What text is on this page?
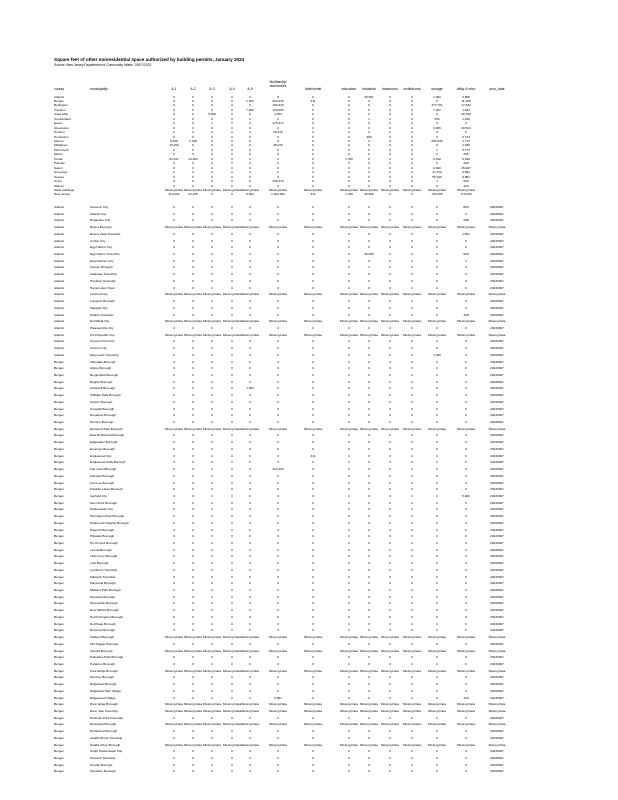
Square feet of other nonresidential space authorized by building permits, January 2023
Source: New Jersey Department of Community Affairs, 03/07/2023
county	municipality	A-1	A-2	A-3	A-4	A-5
Multifamily/
dormitories
hotel/motel	education	industrial	hazardous	institutional	storage	utility & misc	proc_date
Atlantic	0	0	0	0	0	0	0	0	30,501	0	0	1,300	3,888
Bergen	0	0	0	0	1,303	322,619	311	0	0	0	0	0	11,108
Burlington	0	0	0	0	0	159,343	0	0	0	0	0	373,701	17,640
Camden	0	0	0	0	7,000	154,665	0	0	0	0	0	7,201	1,633
Cape May	0	0	5,300	0	0	4,253	0	0	0	0	0	0	28,798
Cumberland	0	0	0	0	0	0	0	0	1	0	0	336	1,440
Essex	0	0	1	0	0	475,373	0	0	0	0	0	0	0
Gloucester	0	0	0	0	0	0	0	0	0	0	0	3,486	40,524
Hudson	0	0	0	0	0	68,479	0	0	0	0	0	0	0
Hunterdon	0	0	0	0	0	0	0	0	480	0	0	0	3,743
Mercer	8,618	2,448	0	0	0	0	0	0	0	0	0	281,846	1,776
Middlesex	10,159	0	0	0	0	38,015	0	0	0	0	0	0	2,486
Monmouth	0	0	0	0	0	0	0	0	0	0	0	1	5,774
Morris	0	0	0	0	0	0	0	0	0	0	0	0	256
Ocean	94,347	14,484	0	0	0	0	0	1,780	0	0	0	6,618	8,639
Passaic	0	0	0	0	0	0	0	0	0	0	0	0	200
Salem	0	0	0	0	0	0	0	0	0	0	0	2,490	25,207
Somerset	0	0	0	0	0	0	0	0	0	0	0	37,970	3,691
Sussex	0	0	0	0	0	0	0	0	0	0	0	55,330	8,881
Union	0	0	0	0	0	150,479	0	0	0	0	0	1	930
Warren	0	0	0	0	0	0	0	0	0	0	0	0	120
State buildings	Missing Data Missing Data Missing Data Missing Data Missing Data	Missing Data	Missing Data	Missing Data Missing Data	Missing Data	Missing Data	Missing Data	Missing Data
New Jersey	113,002	22,245	0	0	8,303	1,364,093	311	1,780	30,659	0	0	750,185	179,590
Atlantic	Absecon City	0	0	0	0	0	0	0	0	0	0	0	0	800	20230307
Atlantic	Atlantic City	0	0	0	0	0	0	0	0	0	0	0	0	0	20230307
Atlantic	Brigantine City	0	0	0	0	0	0	0	0	0	0	0	0	288	20230307
Atlantic	Buena Borough	Missing Data Missing Data Missing Data Missing Data Missing Data	Missing Data	Missing Data	Missing Data Missing Data	Missing Data	Missing Data	Missing Data	Missing Data	Missing Data
Atlantic	Buena Vista Township	0	0	0	0	0	0	0	0	0	0	0	0	1,601	20230307
Atlantic	Corbin City	0	0	0	0	0	0	0	0	0	0	0	0	0	20230307
Atlantic	Egg Harbor City	0	0	0	0	0	0	0	0	0	0	0	0	0	20230307
Atlantic	Egg Harbor Township	0	0	0	0	0	0	0	0	30,000	0	0	0	620	20230307
Atlantic	Estell Manor City	0	0	0	0	0	0	0	0	0	0	0	0	1	20230307
Atlantic	Folsom Borough	0	0	0	0	0	0	0	0	1	0	0	0	0	20230307
Atlantic	Galloway Township	0	0	0	0	0	0	0	0	0	0	0	0	0	20230307
Atlantic	Hamilton Township	0	0	0	0	0	0	0	0	0	0	0	0	0	20230307
Atlantic	Hammonton Town	0	0	0	0	0	0	0	0	0	0	0	0	0	20230307
Atlantic	Linwood City	Missing Data Missing Data Missing Data Missing Data Missing Data	Missing Data	Missing Data	Missing Data Missing Data	Missing Data	Missing Data	Missing Data	Missing Data	Missing Data
Atlantic	Longport Borough	0	0	0	0	0	0	0	0	0	0	0	0	0	20230307
Atlantic	Margate City	0	0	0	0	0	0	0	0	0	0	0	0	0	20230307
Atlantic	Mullica Township	0	0	0	0	0	0	0	0	0	0	0	0	398	20230307
Atlantic	Northfield City	Missing Data Missing Data Missing Data Missing Data Missing Data	Missing Data	Missing Data	Missing Data Missing Data	Missing Data	Missing Data	Missing Data	Missing Data	Missing Data
Atlantic	Pleasantville City	0	0	0	0	0	0	0	0	0	0	0	0	0	20230307
Atlantic	Port Republic City	Missing Data Missing Data Missing Data Missing Data Missing Data	Missing Data	Missing Data	Missing Data Missing Data	Missing Data	Missing Data	Missing Data	Missing Data	Missing Data
Atlantic	Somers Point City	0	0	0	0	0	0	0	0	0	0	0	0	0	20230307
Atlantic	Ventnor City	0	0	0	0	0	0	0	0	0	0	0	0	0	20230307
Atlantic	Weymouth Township	0	0	0	0	0	0	0	0	0	0	0	1,300	0	20230307
Bergen	Allendale Borough	0	0	0	0	0	0	0	0	0	0	0	0	0	20230307
Bergen	Alpine Borough	0	0	0	0	0	0	0	0	0	0	0	0	0	20230307
Bergen	Bergenfield Borough	0	0	0	0	0	0	0	0	0	0	0	0	0	20230307
Bergen	Bogota Borough	0	0	0	0	0	0	0	0	0	0	0	0	0	20230307
Bergen	Carlstadt Borough	0	0	0	0	1,303	0	0	0	0	0	0	0	0	20230307
Bergen	Cliffside Park Borough	0	0	0	0	0	0	0	0	0	0	0	0	0	20230307
Bergen	Closter Borough	0	0	0	0	0	0	0	0	0	0	0	0	0	20230307
Bergen	Cresskill Borough	0	0	0	0	0	0	0	0	0	0	0	0	0	20230307
Bergen	Demarest Borough	0	0	0	0	0	0	0	0	0	0	0	0	0	20230307
Bergen	Dumont Borough	0	0	0	0	0	0	0	0	0	0	0	0	0	20230307
Bergen	Elmwood Park Borough	Missing Data Missing Data Missing Data Missing Data Missing Data	Missing Data	Missing Data	Missing Data Missing Data	Missing Data	Missing Data	Missing Data	Missing Data	Missing Data
Bergen	East Rutherford Borough	0	0	0	0	0	0	0	0	0	0	0	0	0	20230307
Bergen	Edgewater Borough	0	0	0	0	0	0	0	0	0	0	0	0	0	20230307
Bergen	Emerson Borough	0	0	0	0	0	0	0	0	0	0	0	0	0	20230307
Bergen	Englewood City	0	0	0	0	0	0	311	0	0	0	0	0	0	20230307
Bergen	Englewood Cliffs Borough	0	0	0	0	0	0	0	0	0	0	0	0	0	20230307
Bergen	Fair Lawn Borough	0	0	0	0	0	313,463	0	0	0	0	0	0	0	20230307
Bergen	Fairview Borough	0	0	0	0	0	0	0	0	0	0	0	0	0	20230307
Bergen	Fort Lee Borough	0	0	0	0	0	0	0	0	0	0	0	0	0	20230307
Bergen	Franklin Lakes Borough	0	0	0	0	0	0	0	0	0	0	0	0	0	20230307
Bergen	Garfield City	0	0	0	0	0	0	0	0	0	0	0	0	5,000	20230307
Bergen	Glen Rock Borough	0	0	0	0	0	0	0	0	0	0	0	0	0	20230307
Bergen	Hackensack City	0	0	0	0	0	0	0	0	0	0	0	0	0	20230307
Bergen	Harrington Park Borough	0	0	0	0	0	0	0	0	0	0	0	0	0	20230307
Bergen	Hasbrouck Heights Borough	0	0	0	0	0	0	0	0	0	0	0	0	0	20230307
Bergen	Haworth Borough	0	0	0	0	0	0	0	0	0	0	0	0	0	20230307
Bergen	Hillsdale Borough	0	0	0	0	0	0	0	0	0	0	0	0	0	20230307
Bergen	Ho-Ho-Kus Borough	0	0	0	0	0	0	0	0	0	0	0	0	0	20230307
Bergen	Leonia Borough	0	0	0	0	0	0	0	0	0	0	0	0	0	20230307
Bergen	Little Ferry Borough	0	0	0	0	0	0	0	0	0	0	0	0	0	20230307
Bergen	Lodi Borough	0	0	0	0	0	0	0	0	0	0	0	0	0	20230307
Bergen	Lyndhurst Township	0	0	0	0	0	0	0	0	0	0	0	0	0	20230307
Bergen	Mahwah Township	0	0	0	0	0	0	0	0	0	0	0	0	0	20230307
Bergen	Maywood Borough	0	0	0	0	0	0	0	0	0	0	0	0	0	20230307
Bergen	Midland Park Borough	0	0	0	0	0	0	0	0	0	0	0	0	0	20230307
Bergen	Montvale Borough	0	0	0	0	0	0	0	0	0	0	0	0	0	20230307
Bergen	Moonachie Borough	0	0	0	0	0	0	0	0	0	0	0	0	0	20230307
Bergen	New Milford Borough	0	0	0	0	0	0	0	0	0	0	0	0	0	20230307
Bergen	North Arlington Borough	0	0	0	0	0	0	0	0	0	0	0	0	0	20230307
Bergen	Northvale Borough	0	0	0	0	0	0	0	0	0	0	0	0	0	20230307
Bergen	Norwood Borough	0	0	0	0	0	0	0	0	0	0	0	0	0	20230307
Bergen	Oakland Borough	Missing Data Missing Data Missing Data Missing Data Missing Data	Missing Data	Missing Data	Missing Data Missing Data	Missing Data	Missing Data	Missing Data	Missing Data	Missing Data
Bergen	Old Tappan Borough	0	0	0	0	0	0	0	0	0	0	0	0	0	20230307
Bergen	Oradell Borough	Missing Data Missing Data Missing Data Missing Data Missing Data	Missing Data	Missing Data	Missing Data Missing Data	Missing Data	Missing Data	Missing Data	Missing Data	Missing Data
Bergen	Palisades Park Borough	0	0	0	0	0	0	0	0	0	0	0	0	0	20230307
Bergen	Paramus Borough	0	0	0	0	0	0	0	0	0	0	0	0	0	20230307
Bergen	Park Ridge Borough	Missing Data Missing Data Missing Data Missing Data Missing Data	Missing Data	Missing Data	Missing Data Missing Data	Missing Data	Missing Data	Missing Data	Missing Data	Missing Data
Bergen	Ramsey Borough	0	0	0	0	0	0	0	0	0	0	0	0	0	20230307
Bergen	Ridgefield Borough	0	0	0	0	0	0	0	0	0	0	0	0	0	20230307
Bergen	Ridgefield Park Village	0	0	0	0	0	0	0	0	0	0	0	0	0	20230307
Bergen	Ridgewood Village	0	0	0	0	0	9,561	0	0	0	0	0	0	430	20230307
Bergen	River Edge Borough	Missing Data Missing Data Missing Data Missing Data Missing Data	Missing Data	Missing Data	Missing Data Missing Data	Missing Data	Missing Data	Missing Data	Missing Data	Missing Data
Bergen	River Vale Township	Missing Data Missing Data Missing Data Missing Data Missing Data	Missing Data	Missing Data	Missing Data Missing Data	Missing Data	Missing Data	Missing Data	Missing Data	Missing Data
Bergen	Rochelle Park Township	0	0	0	0	0	0	0	0	0	0	0	0	0	20230307
Bergen	Rockleigh Borough	Missing Data Missing Data Missing Data Missing Data Missing Data	Missing Data	Missing Data	Missing Data Missing Data	Missing Data	Missing Data	Missing Data	Missing Data	Missing Data
Bergen	Rutherford Borough	0	0	0	0	0	0	0	0	0	0	0	0	0	20230307
Bergen	Saddle Brook Township	0	0	0	0	0	0	0	0	0	0	0	0	0	20230307
Bergen	Saddle River Borough	Missing Data Missing Data Missing Data Missing Data Missing Data	Missing Data	Missing Data	Missing Data Missing Data	Missing Data	Missing Data	Missing Data	Missing Data	Missing Data
Bergen	South Hackensack Twp	0	0	0	0	0	0	0	0	0	0	0	0	0	20230307
Bergen	Teaneck Township	0	0	0	0	0	0	0	0	0	0	0	0	0	20230307
Bergen	Tenafly Borough	0	0	0	0	0	0	0	0	0	0	0	0	0	20230307
Bergen	Teterboro Borough	0	0	0	0	0	0	0	0	0	0	0	0	0	20230307
